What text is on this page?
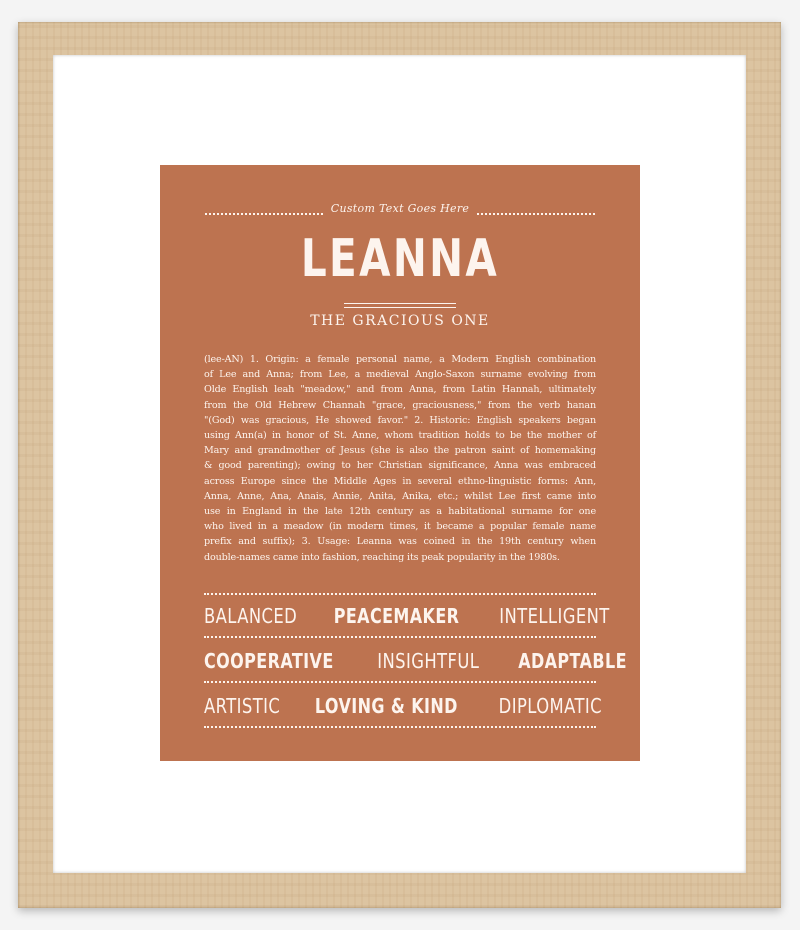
Custom Text Goes Here
LEANNA
THE GRACIOUS ONE
(lee-AN) 1. Origin: a female personal name, a Modern English combination
of Lee and Anna; from Lee, a medieval Anglo-Saxon surname evolving from
Olde English leah "meadow," and from Anna, from Latin Hannah, ultimately
from the Old Hebrew Channah "grace, graciousness," from the verb hanan
"(God) was gracious, He showed favor." 2. Historic: English speakers began
using Ann(a) in honor of St. Anne, whom tradition holds to be the mother of
Mary and grandmother of Jesus (she is also the patron saint of homemaking
& good parenting); owing to her Christian significance, Anna was embraced
across Europe since the Middle Ages in several ethno-linguistic forms: Ann,
Anna, Anne, Ana, Anais, Annie, Anita, Anika, etc.; whilst Lee first came into
use in England in the late 12th century as a habitational surname for one
who lived in a meadow (in modern times, it became a popular female name
prefix and suffix); 3. Usage: Leanna was coined in the 19th century when
double-names came into fashion, reaching its peak popularity in the 1980s.
BALANCED PEACEMAKER INTELLIGENT
COOPERATIVE INSIGHTFUL ADAPTABLE
ARTISTIC LOVING & KIND DIPLOMATIC
